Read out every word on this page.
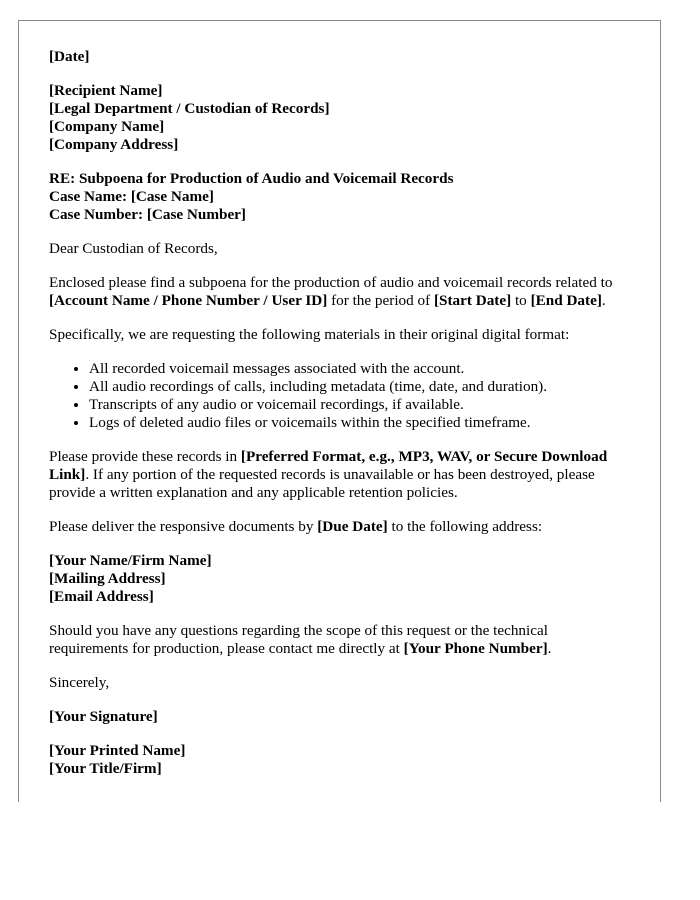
[Date]
[Recipient Name]
[Legal Department / Custodian of Records]
[Company Name]
[Company Address]
RE: Subpoena for Production of Audio and Voicemail Records
Case Name: [Case Name]
Case Number: [Case Number]

Dear Custodian of Records,

Enclosed please find a subpoena for the production of audio and voicemail records related to [Account Name / Phone Number / User ID] for the period of [Start Date] to [End Date].

Specifically, we are requesting the following materials in their original digital format:

• All recorded voicemail messages associated with the account.
• All audio recordings of calls, including metadata (time, date, and duration).
• Transcripts of any audio or voicemail recordings, if available.
• Logs of deleted audio files or voicemails within the specified timeframe.

Please provide these records in [Preferred Format, e.g., MP3, WAV, or Secure Download Link]. If any portion of the requested records is unavailable or has been destroyed, please provide a written explanation and any applicable retention policies.

Please deliver the responsive documents by [Due Date] to the following address:

[Your Name/Firm Name]
[Mailing Address]
[Email Address]

Should you have any questions regarding the scope of this request or the technical requirements for production, please contact me directly at [Your Phone Number].

Sincerely,

[Your Signature]
[Your Printed Name]
[Your Title/Firm]
